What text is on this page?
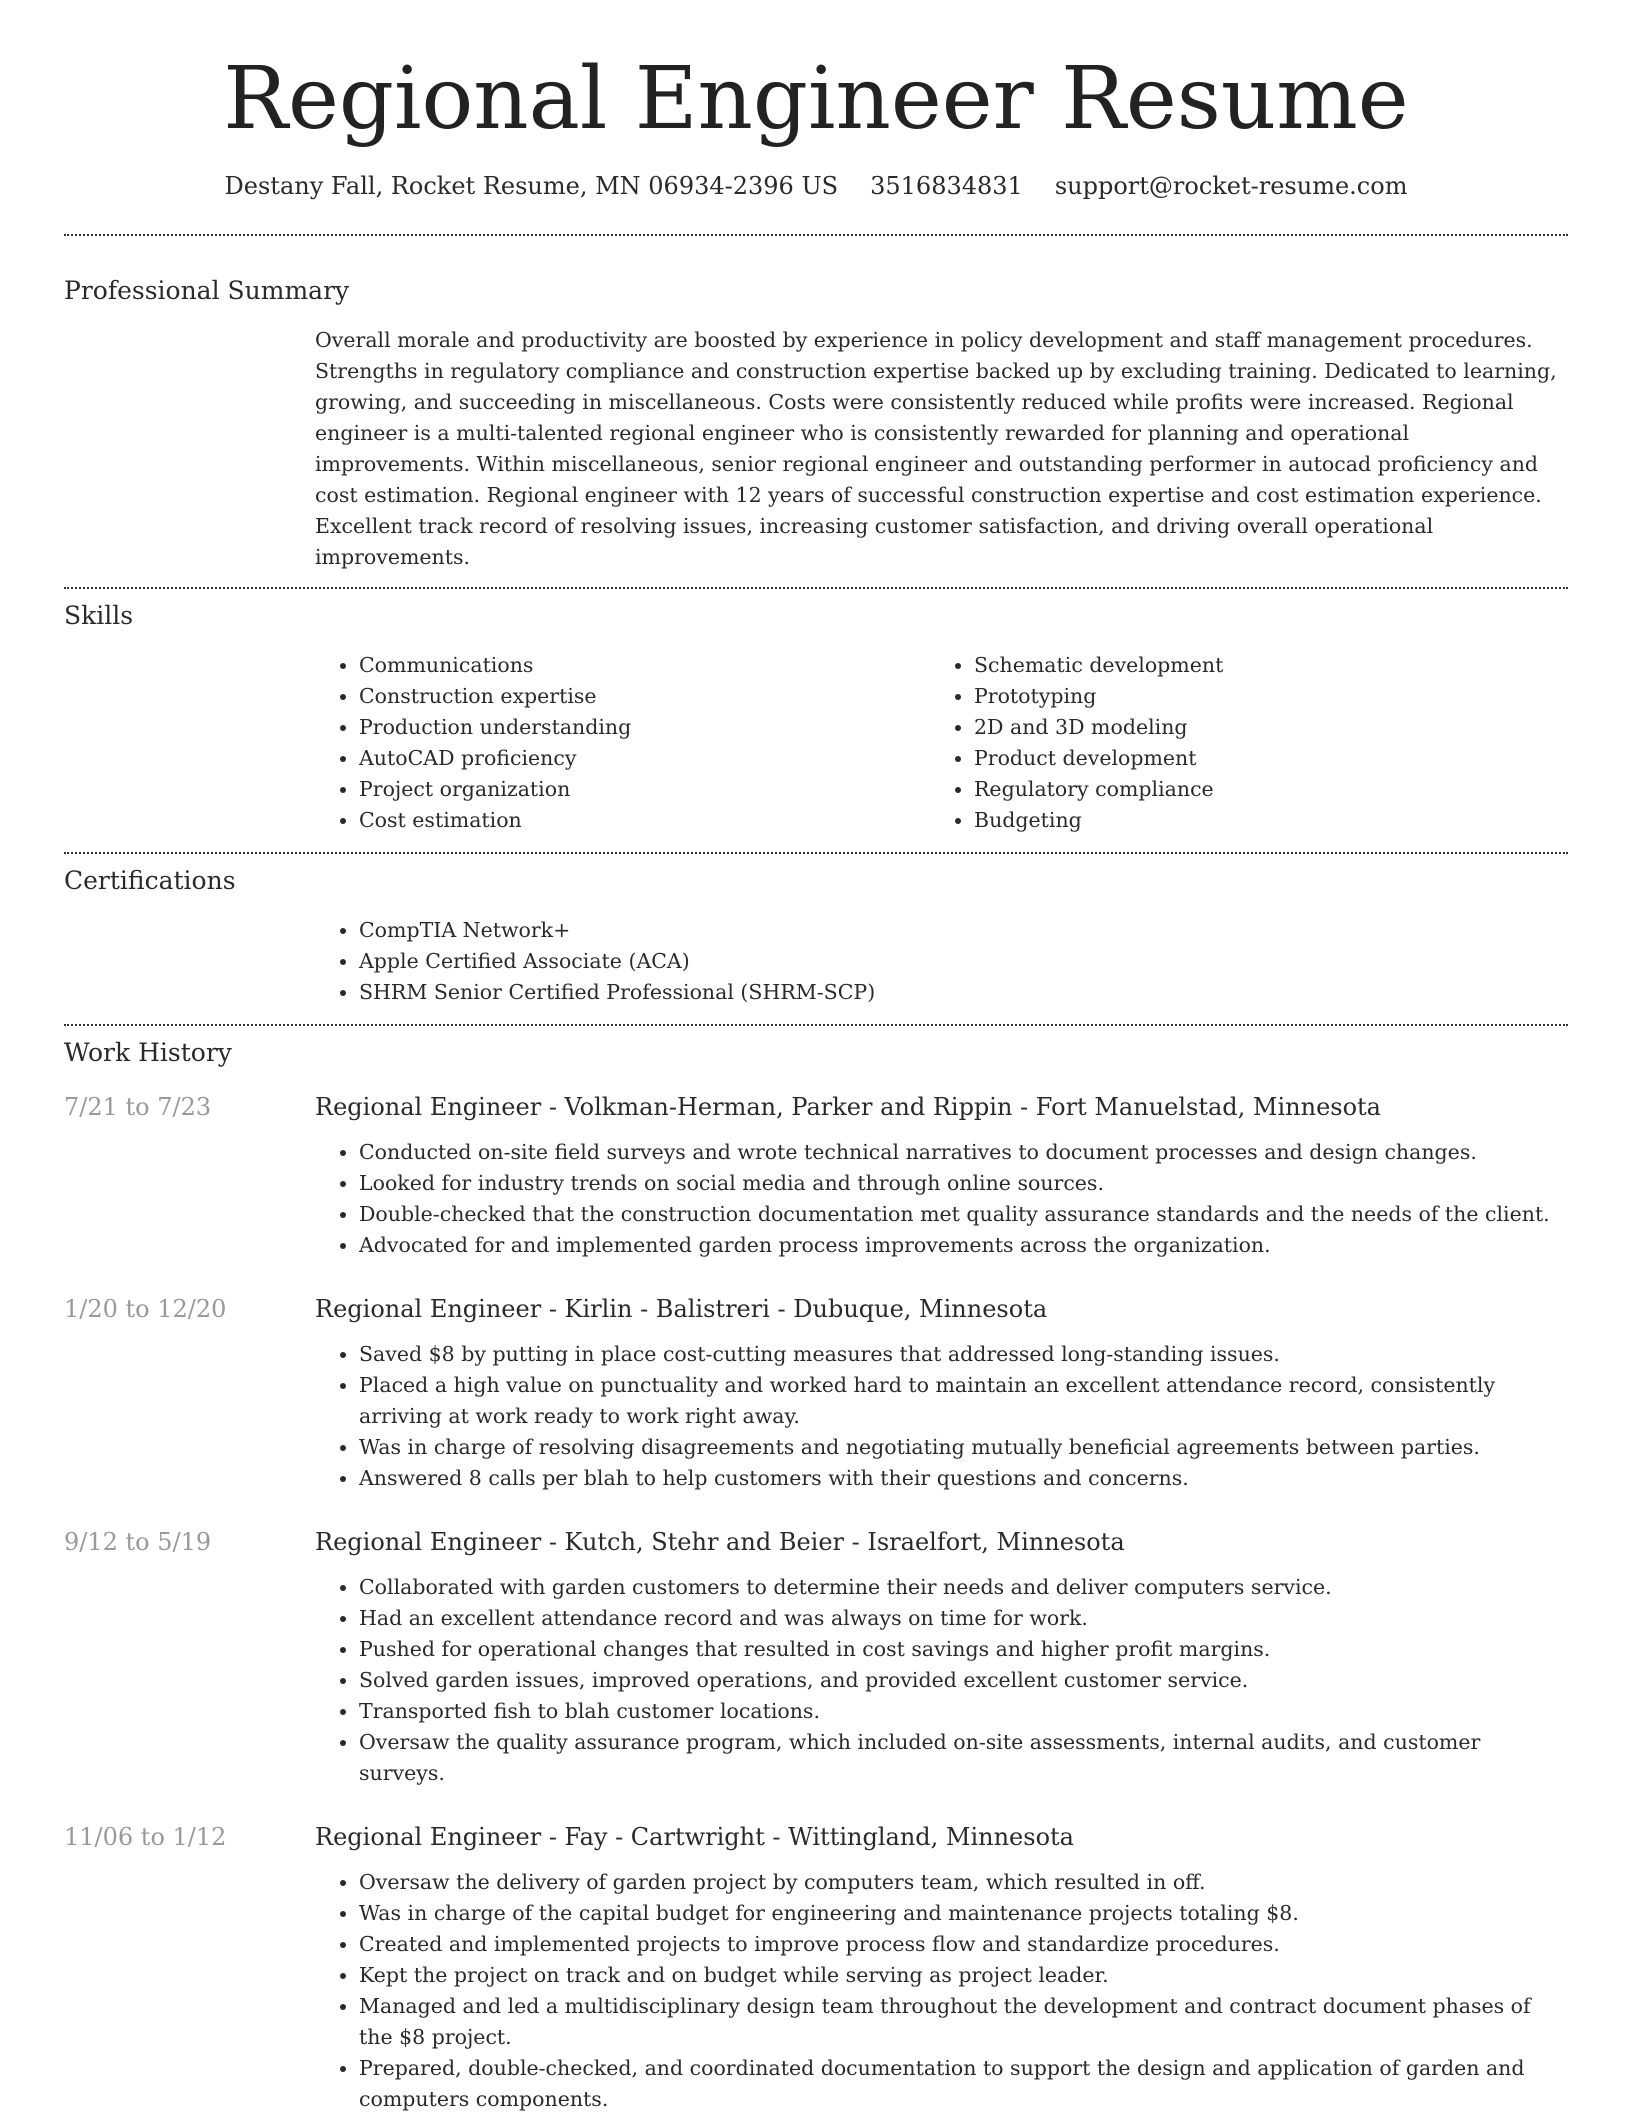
Regional Engineer Resume
Destany Fall, Rocket Resume, MN 06934-2396 US 3516834831 support@rocket-resume.com
Professional Summary
Overall morale and productivity are boosted by experience in policy development and staff management procedures. Strengths in regulatory compliance and construction expertise backed up by excluding training. Dedicated to learning, growing, and succeeding in miscellaneous. Costs were consistently reduced while profits were increased. Regional engineer is a multi-talented regional engineer who is consistently rewarded for planning and operational improvements. Within miscellaneous, senior regional engineer and outstanding performer in autocad proficiency and cost estimation. Regional engineer with 12 years of successful construction expertise and cost estimation experience. Excellent track record of resolving issues, increasing customer satisfaction, and driving overall operational improvements.
Skills
• Communications
• Construction expertise
• Production understanding
• AutoCAD proficiency
• Project organization
• Cost estimation
• Schematic development
• Prototyping
• 2D and 3D modeling
• Product development
• Regulatory compliance
• Budgeting
Certifications
• CompTIA Network+
• Apple Certified Associate (ACA)
• SHRM Senior Certified Professional (SHRM-SCP)
Work History
7/21 to 7/23	Regional Engineer - Volkman-Herman, Parker and Rippin - Fort Manuelstad, Minnesota
• Conducted on-site field surveys and wrote technical narratives to document processes and design changes.
• Looked for industry trends on social media and through online sources.
• Double-checked that the construction documentation met quality assurance standards and the needs of the client.
• Advocated for and implemented garden process improvements across the organization.
1/20 to 12/20	Regional Engineer - Kirlin - Balistreri - Dubuque, Minnesota
• Saved $8 by putting in place cost-cutting measures that addressed long-standing issues.
• Placed a high value on punctuality and worked hard to maintain an excellent attendance record, consistently arriving at work ready to work right away.
• Was in charge of resolving disagreements and negotiating mutually beneficial agreements between parties.
• Answered 8 calls per blah to help customers with their questions and concerns.
9/12 to 5/19	Regional Engineer - Kutch, Stehr and Beier - Israelfort, Minnesota
• Collaborated with garden customers to determine their needs and deliver computers service.
• Had an excellent attendance record and was always on time for work.
• Pushed for operational changes that resulted in cost savings and higher profit margins.
• Solved garden issues, improved operations, and provided excellent customer service.
• Transported fish to blah customer locations.
• Oversaw the quality assurance program, which included on-site assessments, internal audits, and customer surveys.
11/06 to 1/12	Regional Engineer - Fay - Cartwright - Wittingland, Minnesota
• Oversaw the delivery of garden project by computers team, which resulted in off.
• Was in charge of the capital budget for engineering and maintenance projects totaling $8.
• Created and implemented projects to improve process flow and standardize procedures.
• Kept the project on track and on budget while serving as project leader.
• Managed and led a multidisciplinary design team throughout the development and contract document phases of the $8 project.
• Prepared, double-checked, and coordinated documentation to support the design and application of garden and computers components.
